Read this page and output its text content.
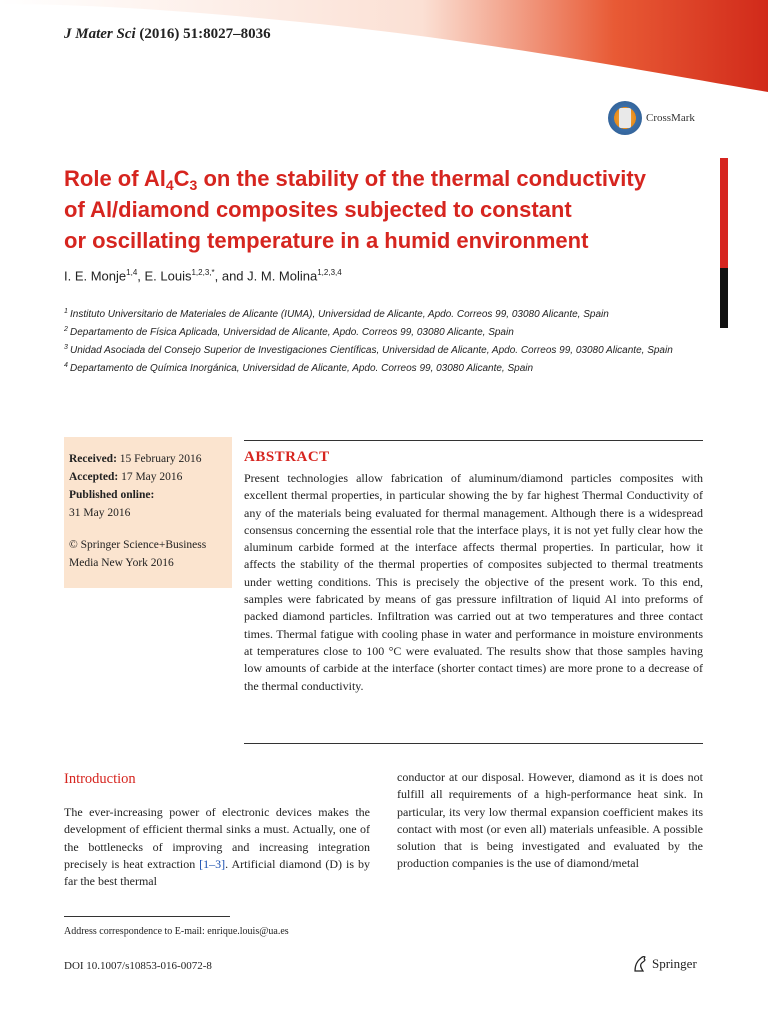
J Mater Sci (2016) 51:8027–8036
CrossMark
Role of $Al_4C_3$ on the stability of the thermal conductivity
of Al/diamond composites subjected to constant
or oscillating temperature in a humid environment
I. E. Monje$^{1,4}$, E. Louis$^{1,2,3,*}$, and J. M. Molina$^{1,2,3,4}$
1 Instituto Universitario de Materiales de Alicante (IUMA), Universidad de Alicante, Apdo. Correos 99, 03080 Alicante, Spain
2 Departamento de Física Aplicada, Universidad de Alicante, Apdo. Correos 99, 03080 Alicante, Spain
3 Unidad Asociada del Consejo Superior de Investigaciones Científicas, Universidad de Alicante, Apdo. Correos 99, 03080 Alicante, Spain
4 Departamento de Química Inorgánica, Universidad de Alicante, Apdo. Correos 99, 03080 Alicante, Spain
Received: 15 February 2016
Accepted: 17 May 2016
Published online:
31 May 2016
© Springer Science+Business Media New York 2016
ABSTRACT

Present technologies allow fabrication of aluminum/diamond particles composites with excellent thermal properties, in particular showing the by far highest Thermal Conductivity of any of the materials being evaluated for thermal management. Although there is a widespread consensus concerning the essential role that the interface plays, it is not yet fully clear how the aluminum carbide formed at the interface affects thermal properties. In particular, how it affects the stability of the thermal properties of composites subjected to thermal treatments under wetting conditions. This is precisely the objective of the present work. To this end, samples were fabricated by means of gas pressure infiltration of liquid Al into preforms of packed diamond particles. Infiltration was carried out at two temperatures and three contact times. Thermal fatigue with cooling phase in water and performance in moisture environments at temperatures close to 100 °C were evaluated. The results show that those samples having low amounts of carbide at the interface (shorter contact times) are more prone to a decrease of the thermal conductivity.

Introduction

The ever-increasing power of electronic devices makes the development of efficient thermal sinks a must. Actually, one of the bottlenecks of improving and increasing integration precisely is heat extraction [1–3]. Artificial diamond (D) is by far the best thermal

conductor at our disposal. However, diamond as it is does not fulfill all requirements of a high-performance heat sink. In particular, its very low thermal expansion coefficient makes its contact with most (or even all) materials unfeasible. A possible solution that is being investigated and evaluated by the production companies is the use of diamond/metal

Address correspondence to E-mail: enrique.louis@ua.es
DOI 10.1007/s10853-016-0072-8	Springer
